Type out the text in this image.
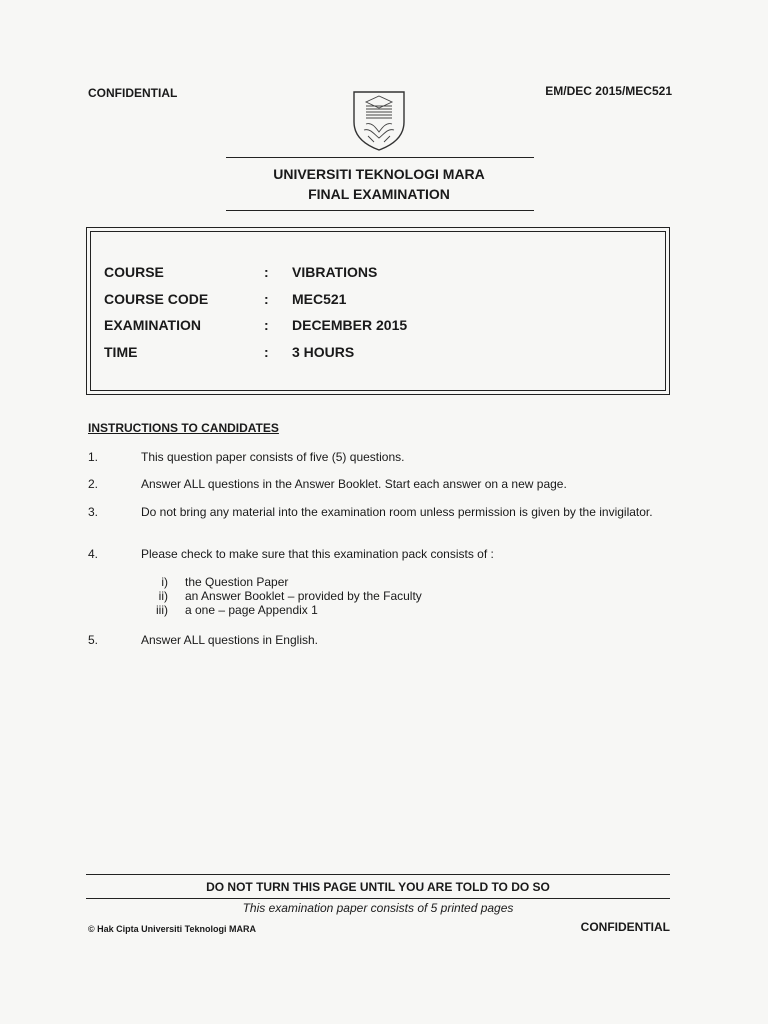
CONFIDENTIAL	EM/DEC 2015/MEC521
UNIVERSITI TEKNOLOGI MARA
FINAL EXAMINATION
COURSE	: VIBRATIONS
COURSE CODE	: MEC521
EXAMINATION	: DECEMBER 2015
TIME	: 3 HOURS
INSTRUCTIONS TO CANDIDATES
1.	This question paper consists of five (5) questions.
2.	Answer ALL questions in the Answer Booklet. Start each answer on a new page.
3.	Do not bring any material into the examination room unless permission is given by the invigilator.
4.	Please check to make sure that this examination pack consists of :
i) the Question Paper
ii) an Answer Booklet – provided by the Faculty
iii) a one – page Appendix 1
5.	Answer ALL questions in English.
DO NOT TURN THIS PAGE UNTIL YOU ARE TOLD TO DO SO
This examination paper consists of 5 printed pages
© Hak Cipta Universiti Teknologi MARA	CONFIDENTIAL
